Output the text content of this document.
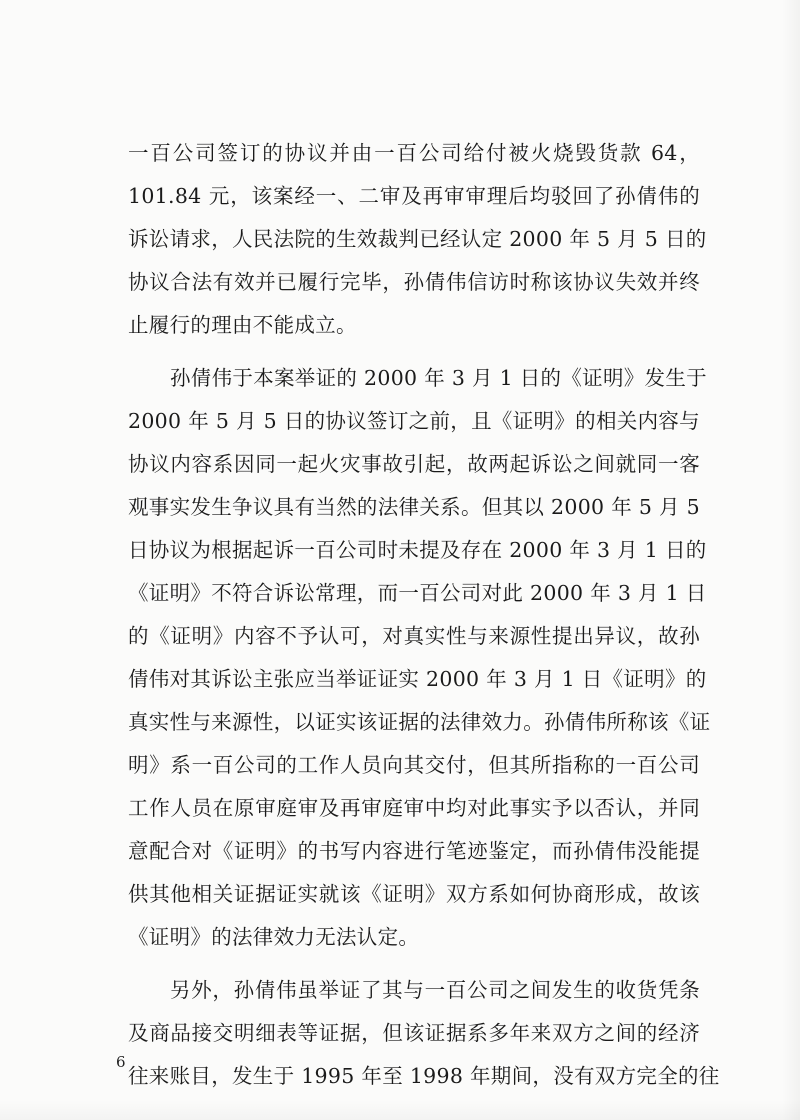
一百公司签订的协议并由一百公司给付被火烧毁货款 64，
101.84 元，该案经一、二审及再审审理后均驳回了孙倩伟的
诉讼请求，人民法院的生效裁判已经认定 2000 年 5 月 5 日的
协议合法有效并已履行完毕，孙倩伟信访时称该协议失效并终
止履行的理由不能成立。
孙倩伟于本案举证的 2000 年 3 月 1 日的《证明》发生于
2000 年 5 月 5 日的协议签订之前，且《证明》的相关内容与
协议内容系因同一起火灾事故引起，故两起诉讼之间就同一客
观事实发生争议具有当然的法律关系。但其以 2000 年 5 月 5
日协议为根据起诉一百公司时未提及存在 2000 年 3 月 1 日的
《证明》不符合诉讼常理，而一百公司对此 2000 年 3 月 1 日
的《证明》内容不予认可，对真实性与来源性提出异议，故孙
倩伟对其诉讼主张应当举证证实 2000 年 3 月 1 日《证明》的
真实性与来源性，以证实该证据的法律效力。孙倩伟所称该《证
明》系一百公司的工作人员向其交付，但其所指称的一百公司
工作人员在原审庭审及再审庭审中均对此事实予以否认，并同
意配合对《证明》的书写内容进行笔迹鉴定，而孙倩伟没能提
供其他相关证据证实就该《证明》双方系如何协商形成，故该
《证明》的法律效力无法认定。
另外，孙倩伟虽举证了其与一百公司之间发生的收货凭条
及商品接交明细表等证据，但该证据系多年来双方之间的经济
往来账目，发生于 1995 年至 1998 年期间，没有双方完全的往
6
